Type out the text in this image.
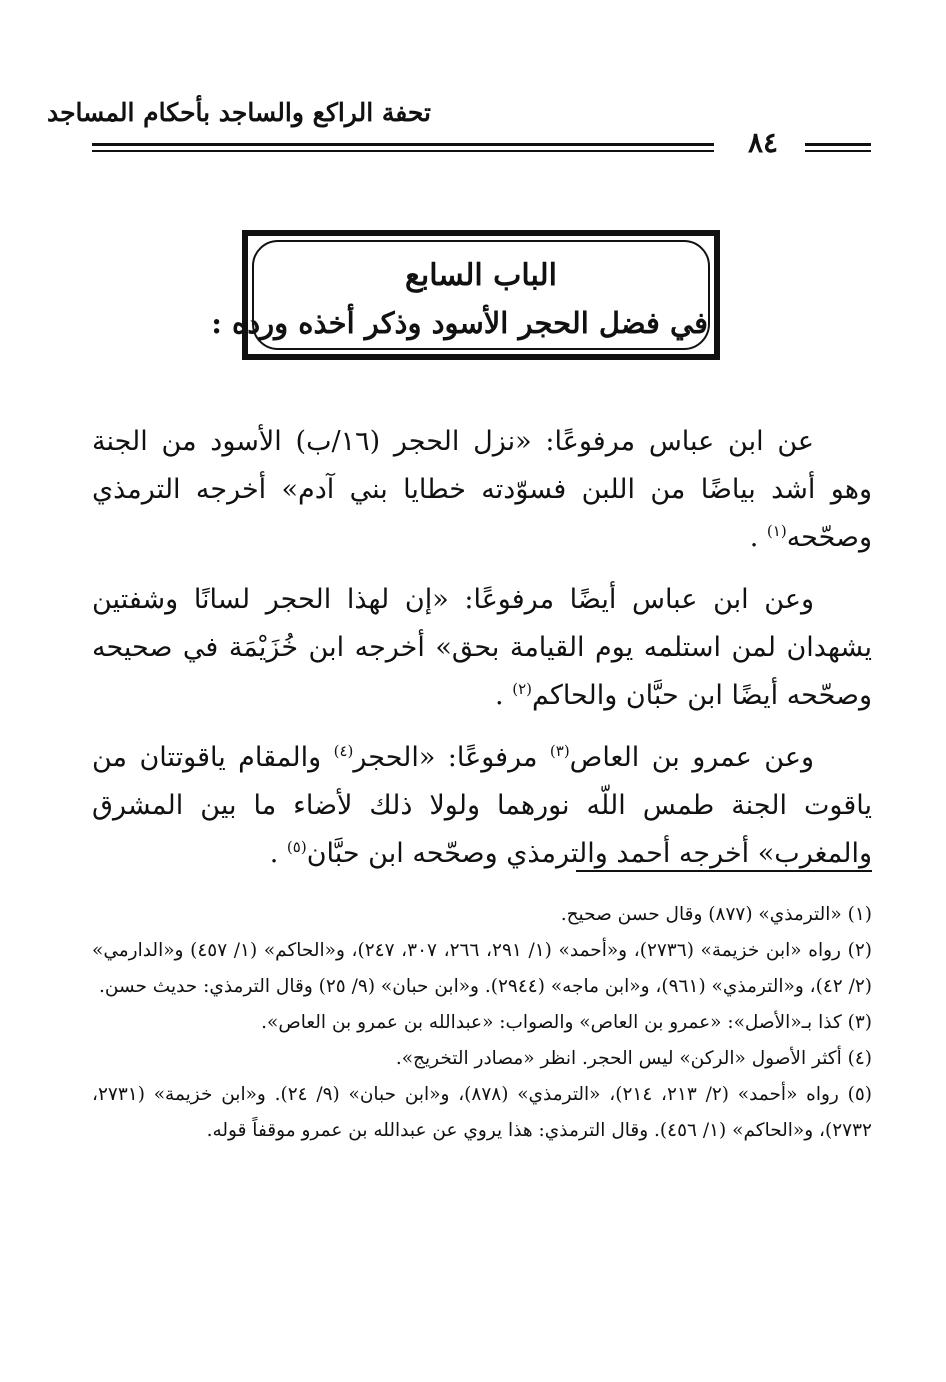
تحفة الراكع والساجد بأحكام المساجد
٨٤
الباب السابع
في فضل الحجر الأسود وذكر أخذه ورده :

عن ابن عباس مرفوعًا: «نزل الحجر (١٦/ب) الأسود من الجنة وهو أشد بياضًا من اللبن فسوّدته خطايا بني آدم» أخرجه الترمذي وصحّحه$^{(١)}$ .

وعن ابن عباس أيضًا مرفوعًا: «إن لهذا الحجر لسانًا وشفتين يشهدان لمن استلمه يوم القيامة بحق» أخرجه ابن خُزَيْمَة في صحيحه وصحّحه أيضًا ابن حبَّان والحاكم$^{(٢)}$ .

وعن عمرو بن العاص$^{(٣)}$ مرفوعًا: «الحجر$^{(٤)}$ والمقام ياقوتتان من ياقوت الجنة طمس اللّه نورهما ولولا ذلك لأضاء ما بين المشرق والمغرب» أخرجه أحمد والترمذي وصحّحه ابن حبَّان$^{(٥)}$ .

(١) «الترمذي» (٨٧٧) وقال حسن صحيح.
(٢) رواه «ابن خزيمة» (٢٧٣٦)، و«أحمد» (١/ ٢٩١، ٢٦٦، ٣٠٧، ٢٤٧)، و«الحاكم» (١/ ٤٥٧) و«الدارمي» (٢/ ٤٢)، و«الترمذي» (٩٦١)، و«ابن ماجه» (٢٩٤٤). و«ابن حبان» (٩/ ٢٥) وقال الترمذي: حديث حسن.
(٣) كذا بـ«الأصل»: «عمرو بن العاص» والصواب: «عبدالله بن عمرو بن العاص».
(٤) أكثر الأصول «الركن» ليس الحجر. انظر «مصادر التخريج».
(٥) رواه «أحمد» (٢/ ٢١٣، ٢١٤)، «الترمذي» (٨٧٨)، و«ابن حبان» (٩/ ٢٤). و«ابن خزيمة» (٢٧٣١، ٢٧٣٢)، و«الحاكم» (١/ ٤٥٦). وقال الترمذي: هذا يروي عن عبدالله بن عمرو موقفاً قوله.
